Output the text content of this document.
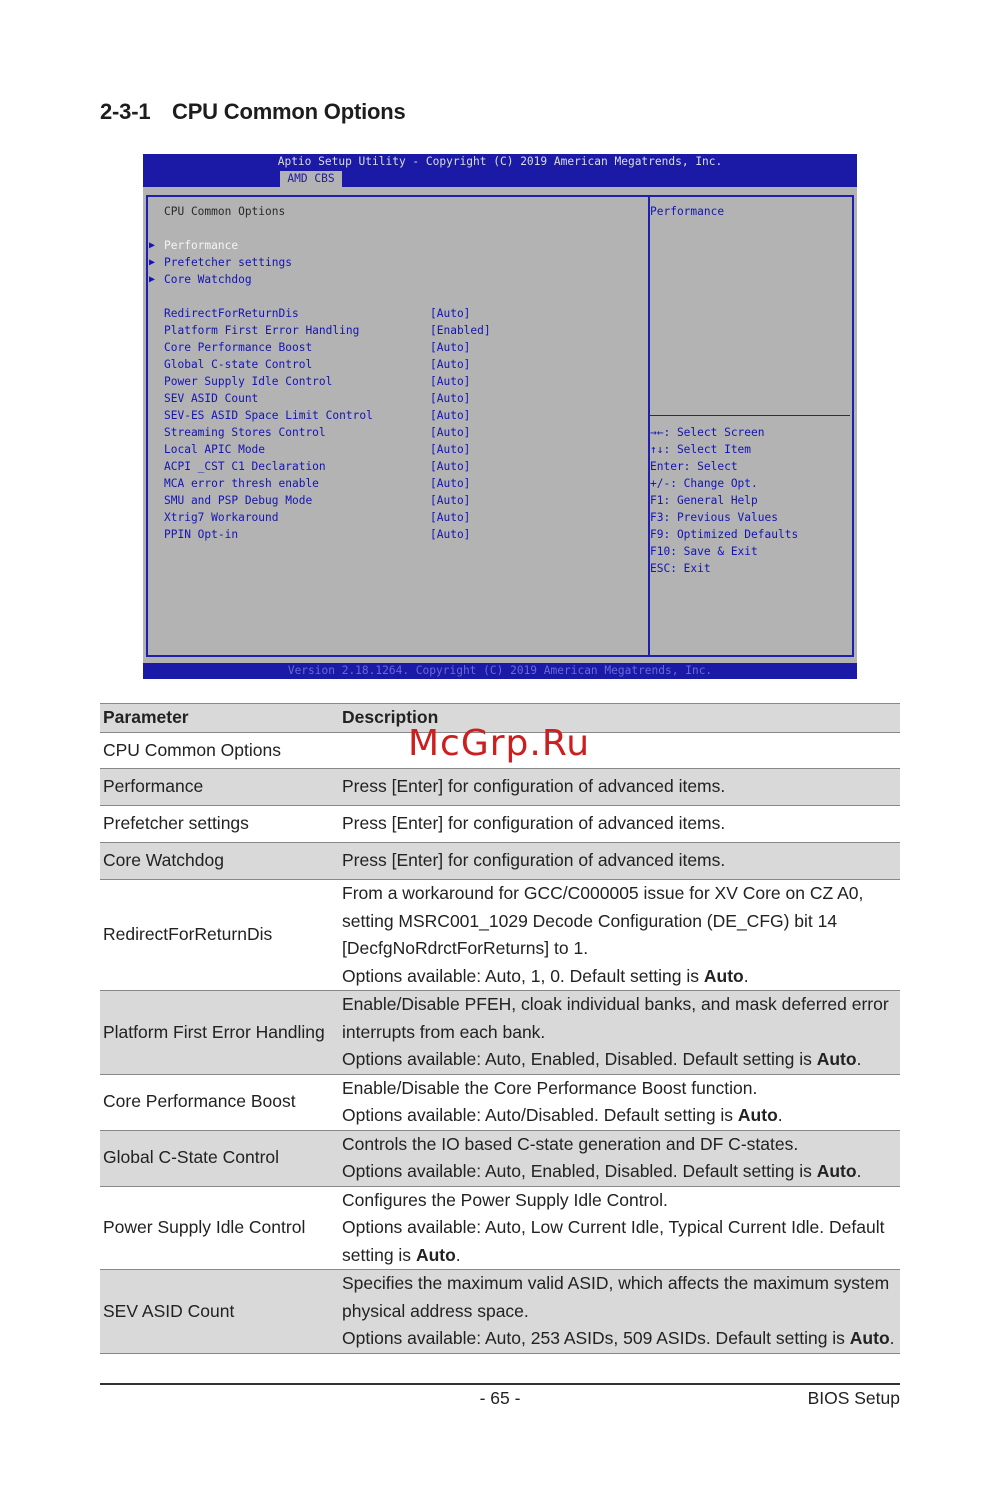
2-3-1 CPU Common Options
Aptio Setup Utility - Copyright (C) 2019 American Megatrends, Inc.
AMD CBS
CPU Common Options
▶ Performance
▶ Prefetcher settings
▶ Core Watchdog
RedirectForReturnDis	[Auto]
Platform First Error Handling	[Enabled]
Core Performance Boost	[Auto]
Global C-state Control	[Auto]
Power Supply Idle Control	[Auto]
SEV ASID Count	[Auto]
SEV-ES ASID Space Limit Control	[Auto]
Streaming Stores Control	[Auto]
Local APIC Mode	[Auto]
ACPI _CST C1 Declaration	[Auto]
MCA error thresh enable	[Auto]
SMU and PSP Debug Mode	[Auto]
Xtrig7 Workaround	[Auto]
PPIN Opt-in	[Auto]
→←: Select Screen
↑↓: Select Item
Enter: Select
+/-: Change Opt.
F1: General Help
F3: Previous Values
F9: Optimized Defaults
F10: Save & Exit
ESC: Exit
Performance
Version 2.18.1264. Copyright (C) 2019 American Megatrends, Inc.
Parameter	Description
CPU Common Options	
Performance	Press [Enter] for configuration of advanced items.

Prefetcher settings	Press [Enter] for configuration of advanced items.

Core Watchdog	Press [Enter] for configuration of advanced items.

RedirectForReturnDis	From a workaround for GCC/C000005 issue for XV Core on CZ A0,
setting MSRC001_1029 Decode Configuration (DE_CFG) bit 14
[DecfgNoRdrctForReturns] to 1.
Options available: Auto, 1, 0. Default setting is Auto.

Platform First Error Handling	Enable/Disable PFEH, cloak individual banks, and mask deferred error
interrupts from each bank.
Options available: Auto, Enabled, Disabled. Default setting is Auto.

Core Performance Boost	Enable/Disable the Core Performance Boost function.
Options available: Auto/Disabled. Default setting is Auto.

Global C-State Control	Controls the IO based C-state generation and DF C-states.
Options available: Auto, Enabled, Disabled. Default setting is Auto.

Power Supply Idle Control	Configures the Power Supply Idle Control.
Options available: Auto, Low Current Idle, Typical Current Idle. Default
setting is Auto.

SEV ASID Count	Specifies the maximum valid ASID, which affects the maximum system
physical address space.
Options available: Auto, 253 ASIDs, 509 ASIDs. Default setting is Auto.
McGrp.Ru
- 65 -	BIOS Setup
